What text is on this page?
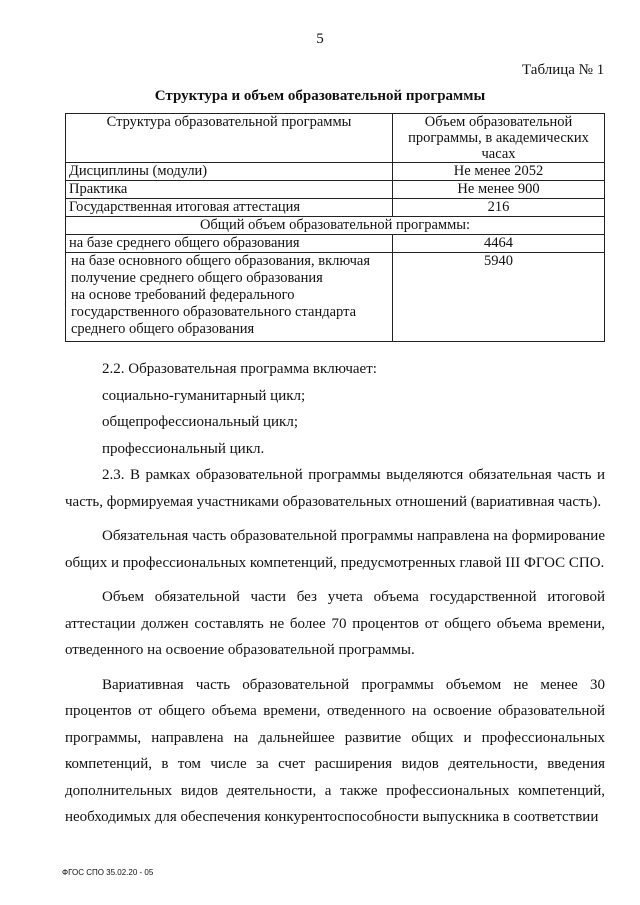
5
Таблица № 1
Структура и объем образовательной программы
Структура образовательной программы	Объем образовательной
программы, в академических
часах

Дисциплины (модули)	Не менее 2052
Практика	Не менее 900
Государственная итоговая аттестация	216
Общий объем образовательной программы:	
на базе среднего общего образования	4464

на базе основного общего образования, включая
получение среднего общего образования
на основе требований федерального
государственного образовательного стандарта
среднего общего образования	5940

2.2. Образовательная программа включает:

социально-гуманитарный цикл;

общепрофессиональный цикл;

профессиональный цикл.

2.3. В рамках образовательной программы выделяются обязательная часть и часть, формируемая участниками образовательных отношений (вариативная часть).

Обязательная часть образовательной программы направлена на формирование общих и профессиональных компетенций, предусмотренных главой III ФГОС СПО.

Объем обязательной части без учета объема государственной итоговой аттестации должен составлять не более 70 процентов от общего объема времени, отведенного на освоение образовательной программы.

Вариативная часть образовательной программы объемом не менее 30 процентов от общего объема времени, отведенного на освоение образовательной программы, направлена на дальнейшее развитие общих и профессиональных компетенций, в том числе за счет расширения видов деятельности, введения дополнительных видов деятельности, а также профессиональных компетенций, необходимых для обеспечения конкурентоспособности выпускника в соответствии

ФГОС СПО 35.02.20 - 05
